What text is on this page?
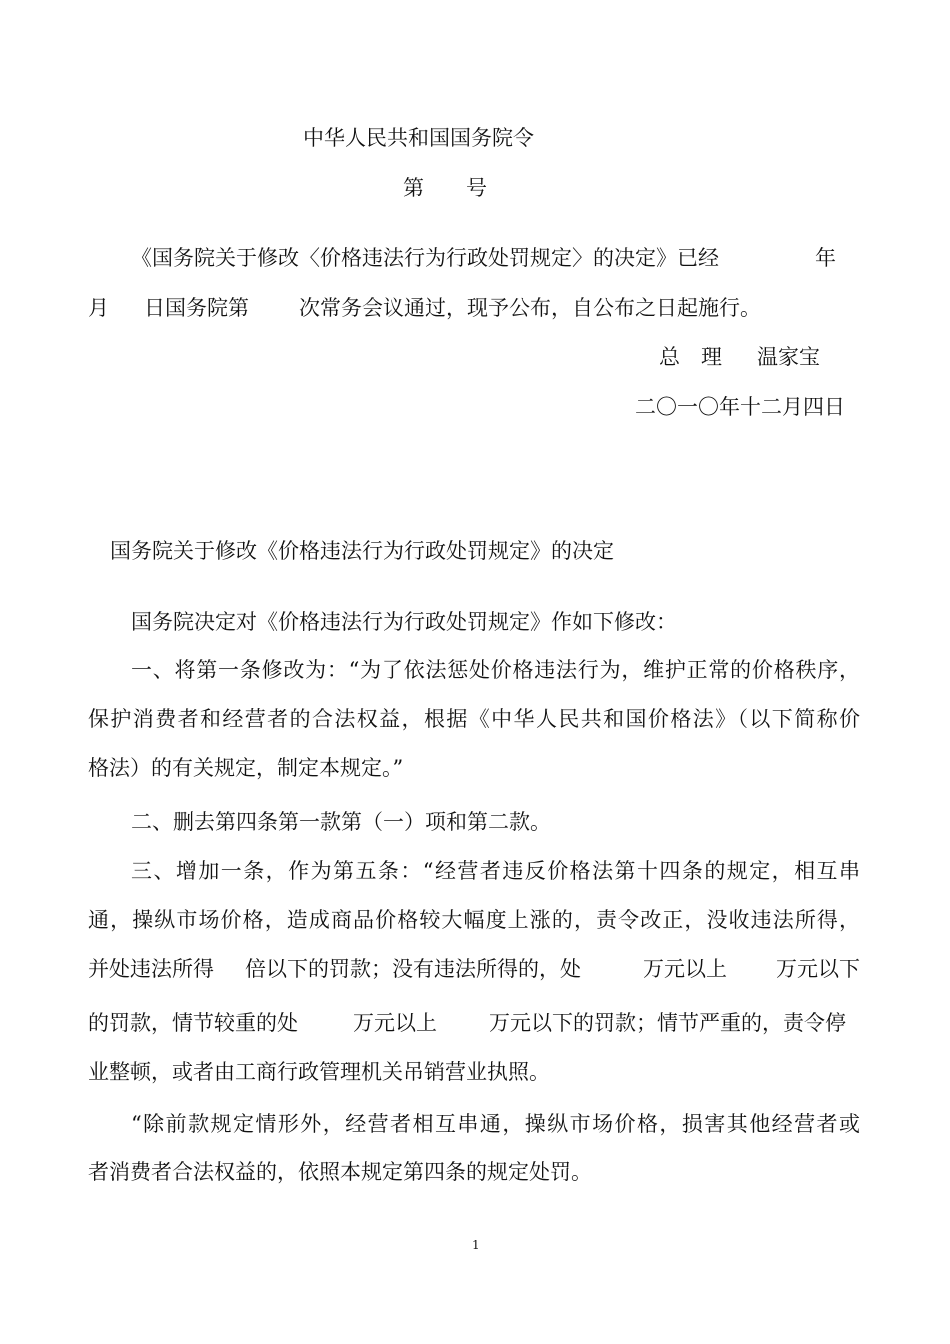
中华人民共和国国务院令
第 号
《国务院关于修改〈价格违法行为行政处罚规定〉的决定》已经	年
月 日国务院第 次常务会议通过，现予公布，自公布之日起施行。
总　理 温家宝
二〇一〇年十二月四日
国务院关于修改《价格违法行为行政处罚规定》的决定
国务院决定对《价格违法行为行政处罚规定》作如下修改：
一、将第一条修改为：“为了依法惩处价格违法行为，维护正常的价格秩序，
保护消费者和经营者的合法权益，根据《中华人民共和国价格法》（以下简称价
格法）的有关规定，制定本规定。”
二、删去第四条第一款第（一）项和第二款。
三、增加一条，作为第五条：“经营者违反价格法第十四条的规定，相互串
通，操纵市场价格，造成商品价格较大幅度上涨的，责令改正，没收违法所得，
并处违法所得 倍以下的罚款；没有违法所得的，处	万元以上 万元以下
的罚款，情节较重的处	万元以上 万元以下的罚款；情节严重的，责令停
业整顿，或者由工商行政管理机关吊销营业执照。
“除前款规定情形外，经营者相互串通，操纵市场价格，损害其他经营者或
者消费者合法权益的，依照本规定第四条的规定处罚。
1
